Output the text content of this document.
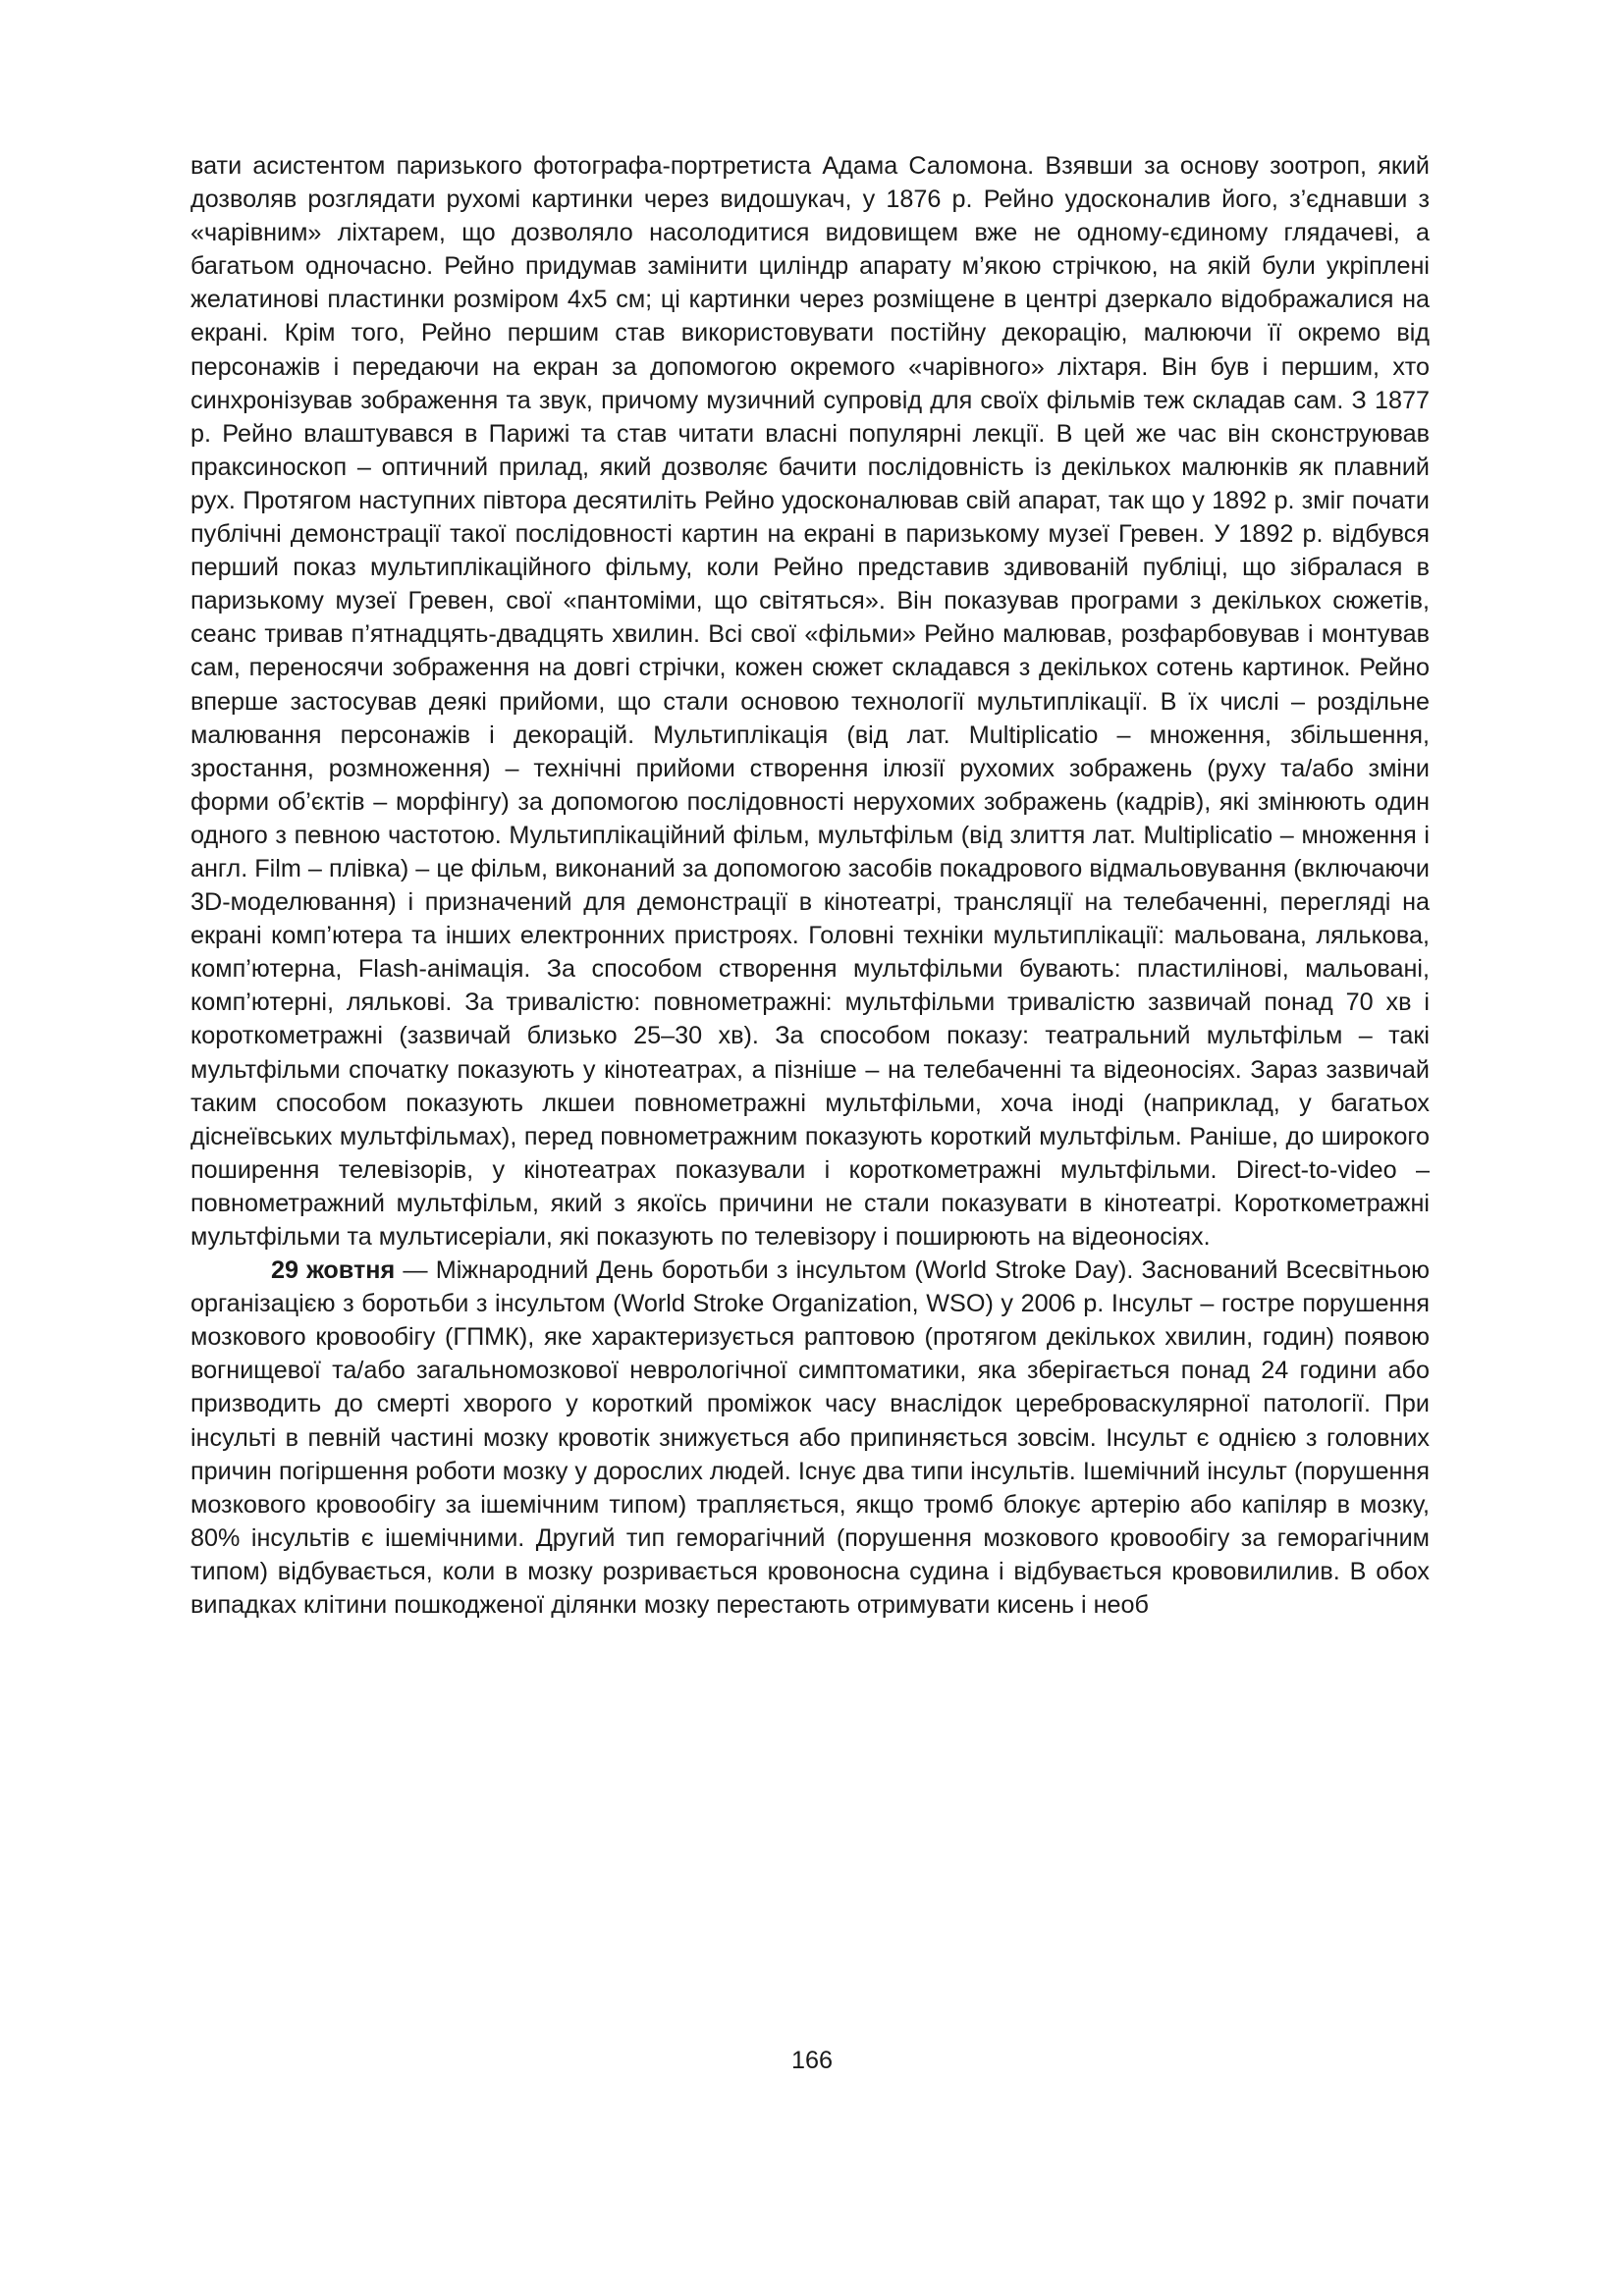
вати асистентом паризького фотографа-портретиста Адама Саломона. Взявши за основу зоотроп, який дозволяв розглядати рухомі картинки через видошукач, у 1876 р. Рейно удосконалив його, з’єднавши з «чарівним» ліхтарем, що дозволяло насолодитися видовищем вже не одному-єдиному глядачеві, а багатьом одночасно. Рейно придумав замінити циліндр апарату м’якою стрічкою, на якій були укріплені желатинові пластинки розміром 4х5 см; ці картинки через розміщене в центрі дзеркало відображалися на екрані. Крім того, Рейно першим став використовувати постійну декорацію, малюючи її окремо від персонажів і передаючи на екран за допомогою окремого «чарівного» ліхтаря. Він був і першим, хто синхронізував зображення та звук, причому музичний супровід для своїх фільмів теж складав сам. З 1877 р. Рейно влаштувався в Парижі та став читати власні популярні лекції. В цей же час він сконструював праксиноскоп – оптичний прилад, який дозволяє бачити послідовність із декількох малюнків як плавний рух. Протягом наступних півтора десятиліть Рейно удосконалював свій апарат, так що у 1892 р. зміг почати публічні демонстрації такої послідовності картин на екрані в паризькому музеї Гревен. У 1892 р. відбувся перший показ мультиплікаційного фільму, коли Рейно представив здивованій публіці, що зібралася в паризькому музеї Гревен, свої «пантоміми, що світяться». Він показував програми з декількох сюжетів, сеанс тривав п’ятнадцять-двадцять хвилин. Всі свої «фільми» Рейно малював, розфарбовував і монтував сам, переносячи зображення на довгі стрічки, кожен сюжет складався з декількох сотень картинок. Рейно вперше застосував деякі прийоми, що стали основою технології мультиплікації. В їх числі – роздільне малювання персонажів і декорацій. Мультиплікація (від лат. Multiplicatio – множення, збільшення, зростання, розмноження) – технічні прийоми створення ілюзії рухомих зображень (руху та/або зміни форми об’єктів – морфінгу) за допомогою послідовності нерухомих зображень (кадрів), які змінюють один одного з певною частотою. Мультиплікаційний фільм, мультфільм (від злиття лат. Multiplicatio – множення і англ. Film – плівка) – це фільм, виконаний за допомогою засобів покадрового відмальовування (включаючи 3D-моделювання) і призначений для демонстрації в кінотеатрі, трансляції на телебаченні, перегляді на екрані комп’ютера та інших електронних пристроях. Головні техніки мультиплікації: мальована, лялькова, комп’ютерна, Flash-анімація. За способом створення мультфільми бувають: пластилінові, мальовані, комп’ютерні, лялькові. За тривалістю: повнометражні: мультфільми тривалістю зазвичай понад 70 хв і короткометражні (зазвичай близько 25–30 хв). За способом показу: театральний мультфільм – такі мультфільми спочатку показують у кінотеатрах, а пізніше – на телебаченні та відеоносіях. Зараз зазвичай таким способом показують лкшеи повнометражні мультфільми, хоча іноді (наприклад, у багатьох діснеївських мультфільмах), перед повнометражним показують короткий мультфільм. Раніше, до широкого поширення телевізорів, у кінотеатрах показували і короткометражні мультфільми. Direct-to-video – повнометражний мультфільм, який з якоїсь причини не стали показувати в кінотеатрі. Короткометражні мультфільми та мультисеріали, які показують по телевізору і поширюють на відеоносіях.

29 жовтня — Міжнародний День боротьби з інсультом (World Stroke Day). Заснований Всесвітньою організацією з боротьби з інсультом (World Stroke Organization, WSO) у 2006 р. Інсульт – гостре порушення мозкового кровообігу (ГПМК), яке характеризується раптовою (протягом декількох хвилин, годин) появою вогнищевої та/або загальномозкової неврологічної симптоматики, яка зберігається понад 24 години або призводить до смерті хворого у короткий проміжок часу внаслідок цереброваскулярної патології. При інсульті в певній частині мозку кровотік знижується або припиняється зовсім. Інсульт є однією з головних причин погіршення роботи мозку у дорослих людей. Існує два типи інсультів. Ішемічний інсульт (порушення мозкового кровообігу за ішемічним типом) трапляється, якщо тромб блокує артерію або капіляр в мозку, 80% інсультів є ішемічними. Другий тип геморагічний (порушення мозкового кровообігу за геморагічним типом) відбувається, коли в мозку розривається кровоносна судина і відбувається крововилилив. В обох випадках клітини пошкодженої ділянки мозку перестають отримувати кисень і необ

166
